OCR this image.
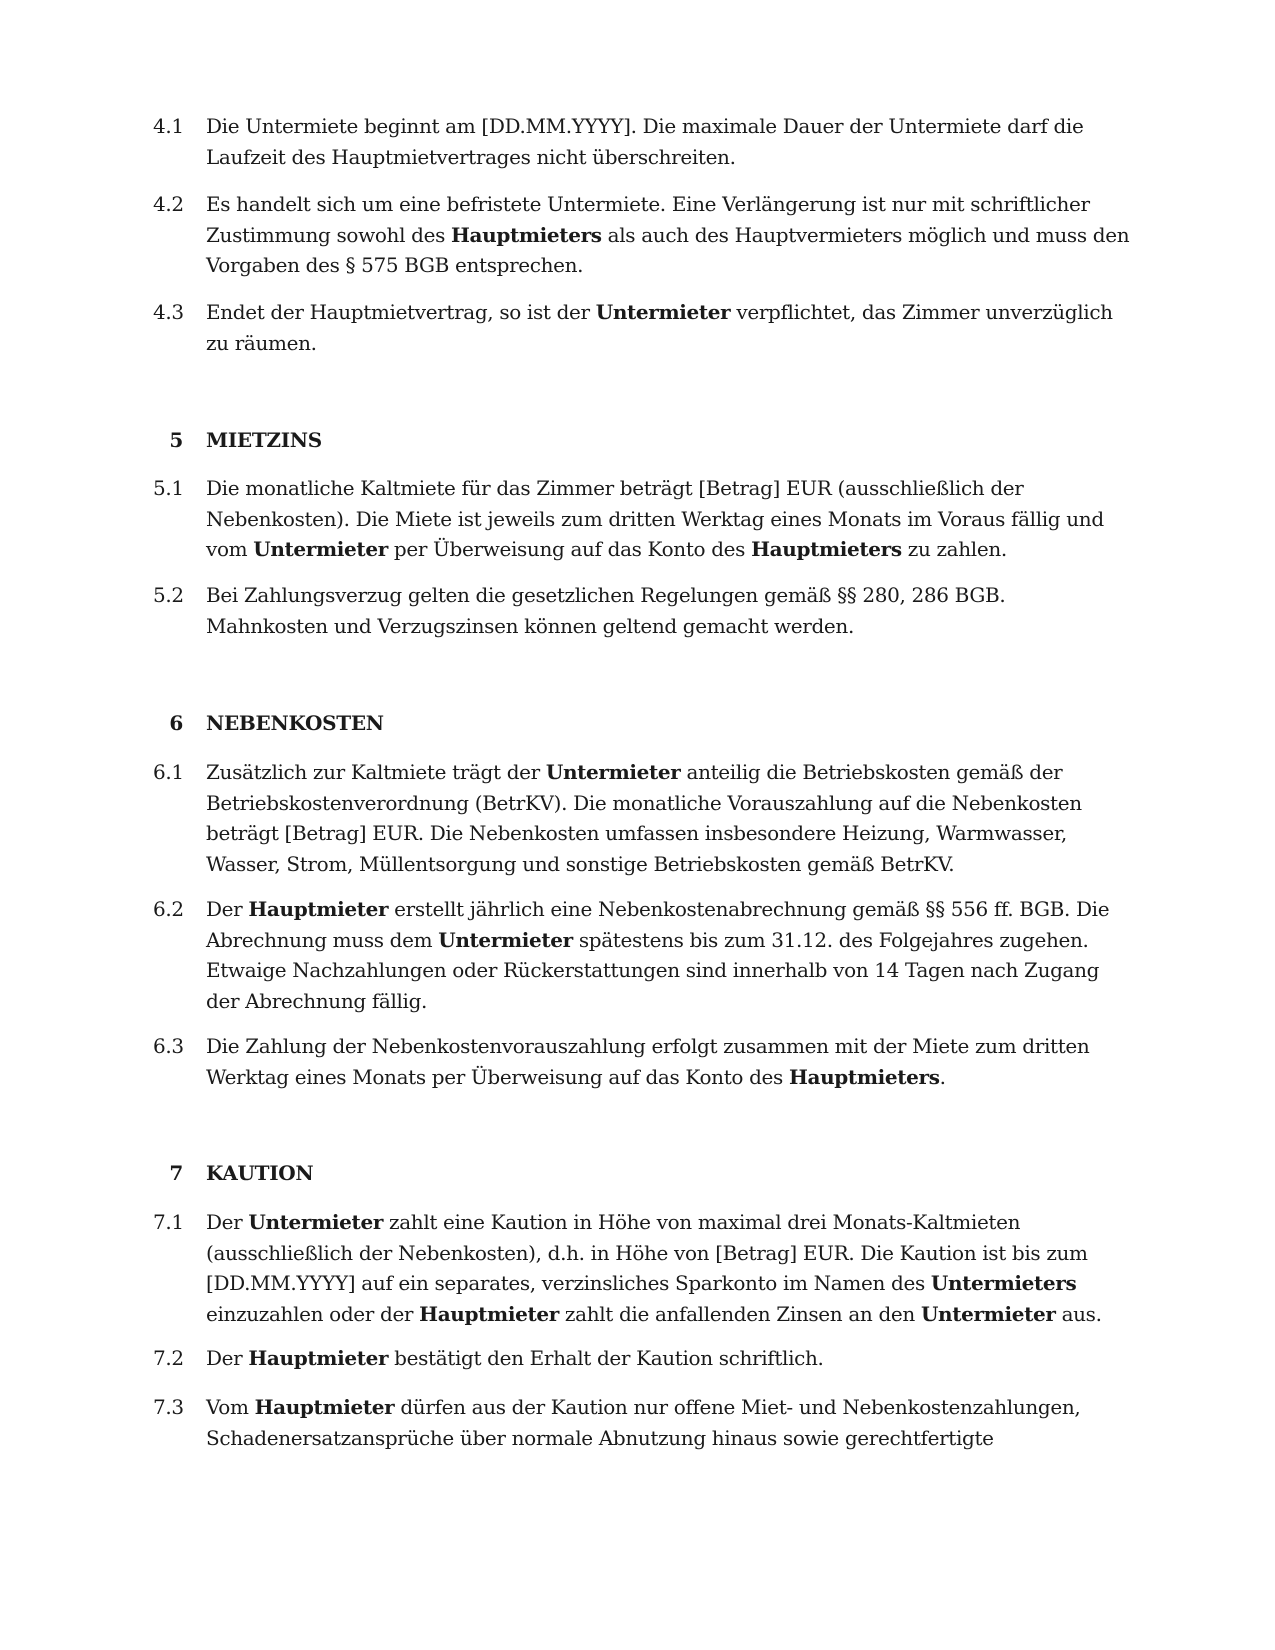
4.1	Die Untermiete beginnt am [DD.MM.YYYY]. Die maximale Dauer der Untermiete darf die Laufzeit des Hauptmietvertrages nicht überschreiten.
4.2	Es handelt sich um eine befristete Untermiete. Eine Verlängerung ist nur mit schriftlicher Zustimmung sowohl des Hauptmieters als auch des Hauptvermieters möglich und muss den Vorgaben des § 575 BGB entsprechen.
4.3	Endet der Hauptmietvertrag, so ist der Untermieter verpflichtet, das Zimmer unverzüglich zu räumen.
5 MIETZINS
5.1	Die monatliche Kaltmiete für das Zimmer beträgt [Betrag] EUR (ausschließlich der Nebenkosten). Die Miete ist jeweils zum dritten Werktag eines Monats im Voraus fällig und vom Untermieter per Überweisung auf das Konto des Hauptmieters zu zahlen.
5.2	Bei Zahlungsverzug gelten die gesetzlichen Regelungen gemäß §§ 280, 286 BGB. Mahnkosten und Verzugszinsen können geltend gemacht werden.
6 NEBENKOSTEN
6.1	Zusätzlich zur Kaltmiete trägt der Untermieter anteilig die Betriebskosten gemäß der Betriebskostenverordnung (BetrKV). Die monatliche Vorauszahlung auf die Nebenkosten beträgt [Betrag] EUR. Die Nebenkosten umfassen insbesondere Heizung, Warmwasser, Wasser, Strom, Müllentsorgung und sonstige Betriebskosten gemäß BetrKV.
6.2	Der Hauptmieter erstellt jährlich eine Nebenkostenabrechnung gemäß §§ 556 ff. BGB. Die Abrechnung muss dem Untermieter spätestens bis zum 31.12. des Folgejahres zugehen. Etwaige Nachzahlungen oder Rückerstattungen sind innerhalb von 14 Tagen nach Zugang der Abrechnung fällig.
6.3	Die Zahlung der Nebenkostenvorauszahlung erfolgt zusammen mit der Miete zum dritten Werktag eines Monats per Überweisung auf das Konto des Hauptmieters.
7 KAUTION
7.1	Der Untermieter zahlt eine Kaution in Höhe von maximal drei Monats-Kaltmieten (ausschließlich der Nebenkosten), d.h. in Höhe von [Betrag] EUR. Die Kaution ist bis zum [DD.MM.YYYY] auf ein separates, verzinsliches Sparkonto im Namen des Untermieters einzuzahlen oder der Hauptmieter zahlt die anfallenden Zinsen an den Untermieter aus.
7.2	Der Hauptmieter bestätigt den Erhalt der Kaution schriftlich.
7.3	Vom Hauptmieter dürfen aus der Kaution nur offene Miet- und Nebenkostenzahlungen, Schadenersatzansprüche über normale Abnutzung hinaus sowie gerechtfertigte
